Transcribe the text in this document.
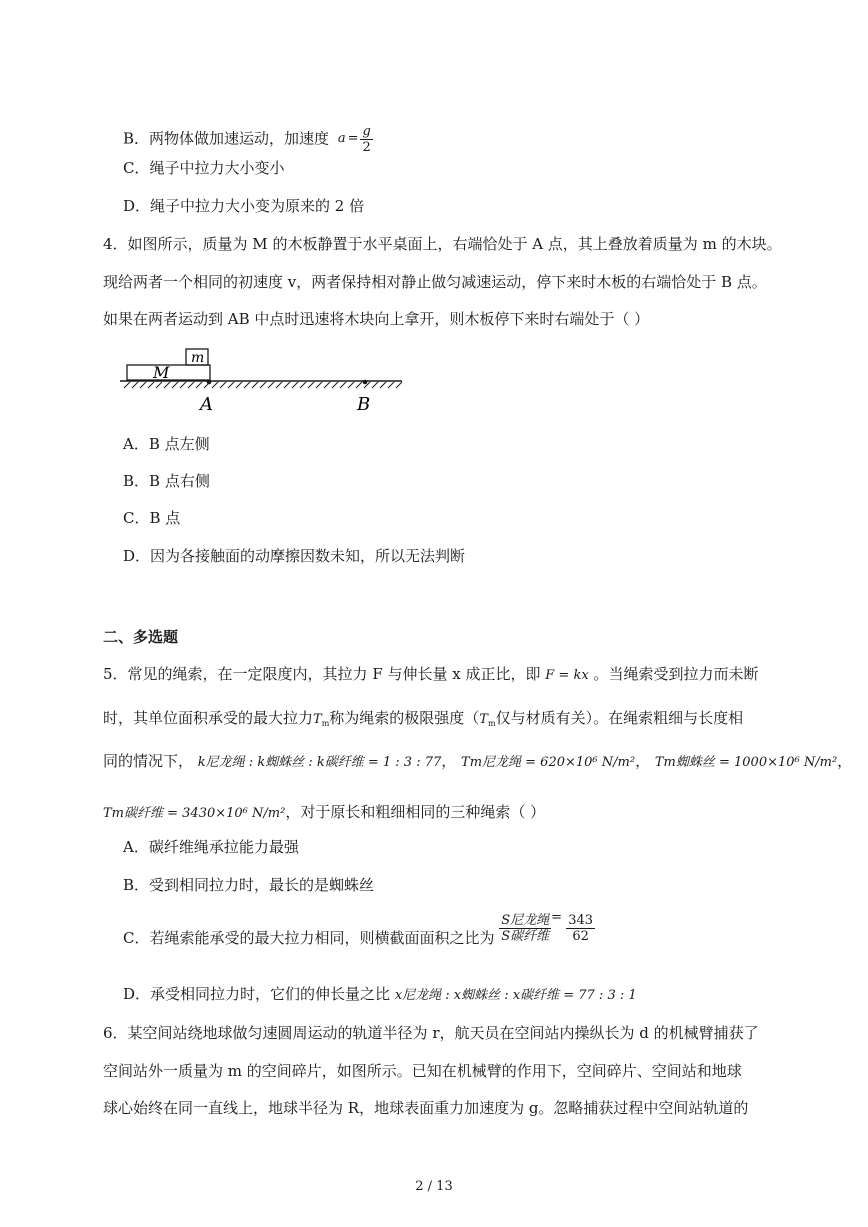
B．两物体做加速运动，加速度 $a = \frac{g}{2}$
C．绳子中拉力大小变小
D．绳子中拉力大小变为原来的 2 倍
4．如图所示，质量为 M 的木板静置于水平桌面上，右端恰处于 A 点，其上叠放着质量为 m 的木块。
现给两者一个相同的初速度 v，两者保持相对静止做匀减速运动，停下来时木板的右端恰处于 B 点。
如果在两者运动到 AB 中点时迅速将木块向上拿开，则木板停下来时右端处于（ ）
m
M
A	B
A．B 点左侧
B．B 点右侧
C．B 点
D．因为各接触面的动摩擦因数未知，所以无法判断
二、多选题
5．常见的绳索，在一定限度内，其拉力 F 与伸长量 x 成正比，即 F = kx 。当绳索受到拉力而未断
时，其单位面积承受的最大拉力$T_m$称为绳索的极限强度（$T_m$仅与材质有关）。在绳索粗细与长度相
同的情况下， k尼龙绳 : k蜘蛛丝 : k碳纤维 = 1 : 3 : 77， Tm尼龙绳 = 620×10⁶ N/m²， Tm蜘蛛丝 = 1000×10⁶ N/m²，
Tm碳纤维 = 3430×10⁶ N/m²，对于原长和粗细相同的三种绳索（ ）
A．碳纤维绳承拉能力最强
B．受到相同拉力时，最长的是蜘蛛丝
C．若绳索能承受的最大拉力相同，则横截面面积之比为 $\frac{\text{S尼龙绳}}{\text{S碳纤维}} = \frac{343}{62}$
D．承受相同拉力时，它们的伸长量之比 x尼龙绳 : x蜘蛛丝 : x碳纤维 = 77 : 3 : 1
6．某空间站绕地球做匀速圆周运动的轨道半径为 r，航天员在空间站内操纵长为 d 的机械臂捕获了
空间站外一质量为 m 的空间碎片，如图所示。已知在机械臂的作用下，空间碎片、空间站和地球
球心始终在同一直线上，地球半径为 R，地球表面重力加速度为 g。忽略捕获过程中空间站轨道的
2 / 13
